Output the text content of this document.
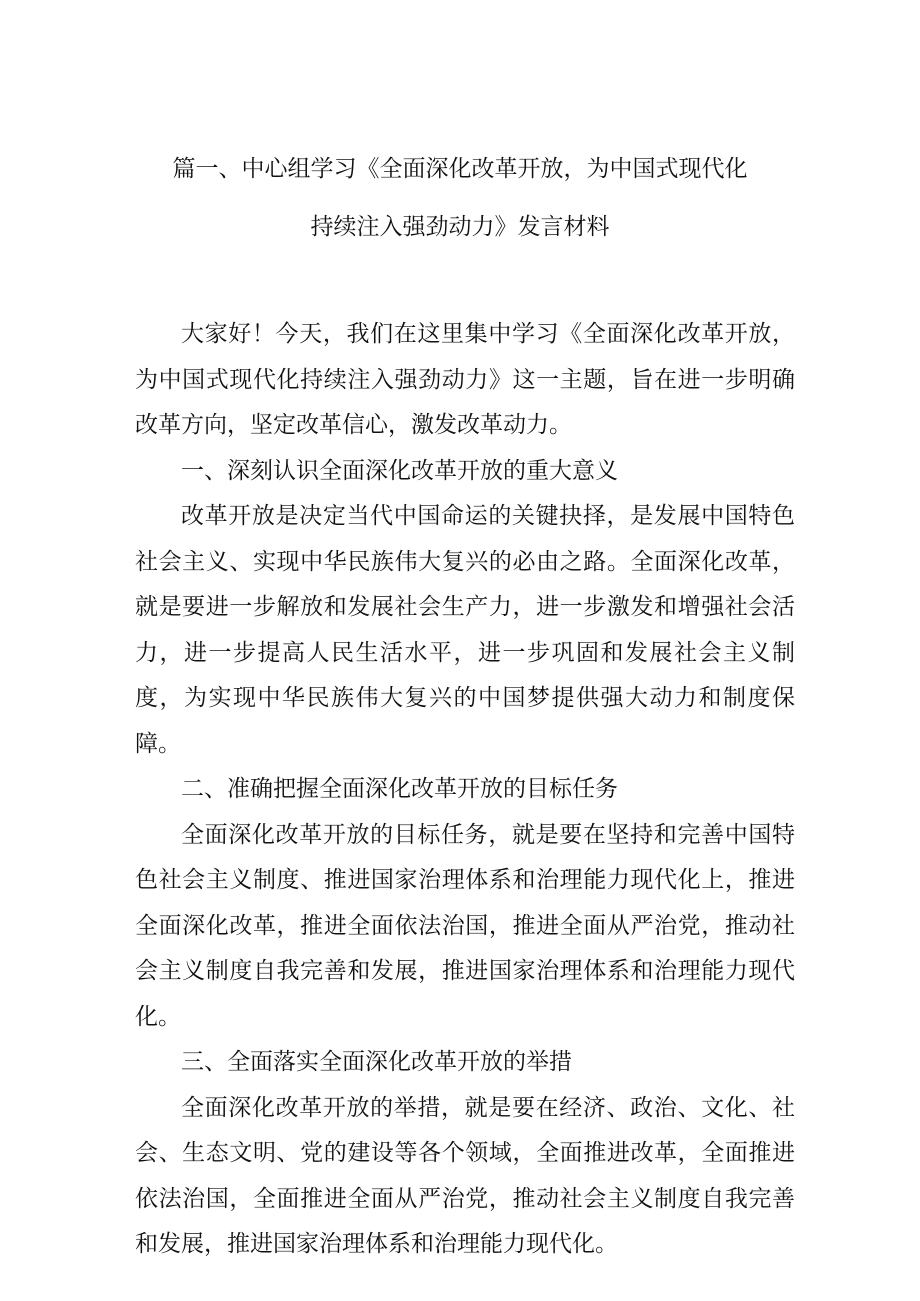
篇一、中心组学习《全面深化改革开放，为中国式现代化
持续注入强劲动力》发言材料

大家好！今天，我们在这里集中学习《全面深化改革开放，为中国式现代化持续注入强劲动力》这一主题，旨在进一步明确改革方向，坚定改革信心，激发改革动力。

一、深刻认识全面深化改革开放的重大意义

改革开放是决定当代中国命运的关键抉择，是发展中国特色社会主义、实现中华民族伟大复兴的必由之路。全面深化改革，就是要进一步解放和发展社会生产力，进一步激发和增强社会活力，进一步提高人民生活水平，进一步巩固和发展社会主义制度，为实现中华民族伟大复兴的中国梦提供强大动力和制度保障。

二、准确把握全面深化改革开放的目标任务

全面深化改革开放的目标任务，就是要在坚持和完善中国特色社会主义制度、推进国家治理体系和治理能力现代化上，推进全面深化改革，推进全面依法治国，推进全面从严治党，推动社会主义制度自我完善和发展，推进国家治理体系和治理能力现代化。

三、全面落实全面深化改革开放的举措

全面深化改革开放的举措，就是要在经济、政治、文化、社会、生态文明、党的建设等各个领域，全面推进改革，全面推进依法治国，全面推进全面从严治党，推动社会主义制度自我完善和发展，推进国家治理体系和治理能力现代化。
